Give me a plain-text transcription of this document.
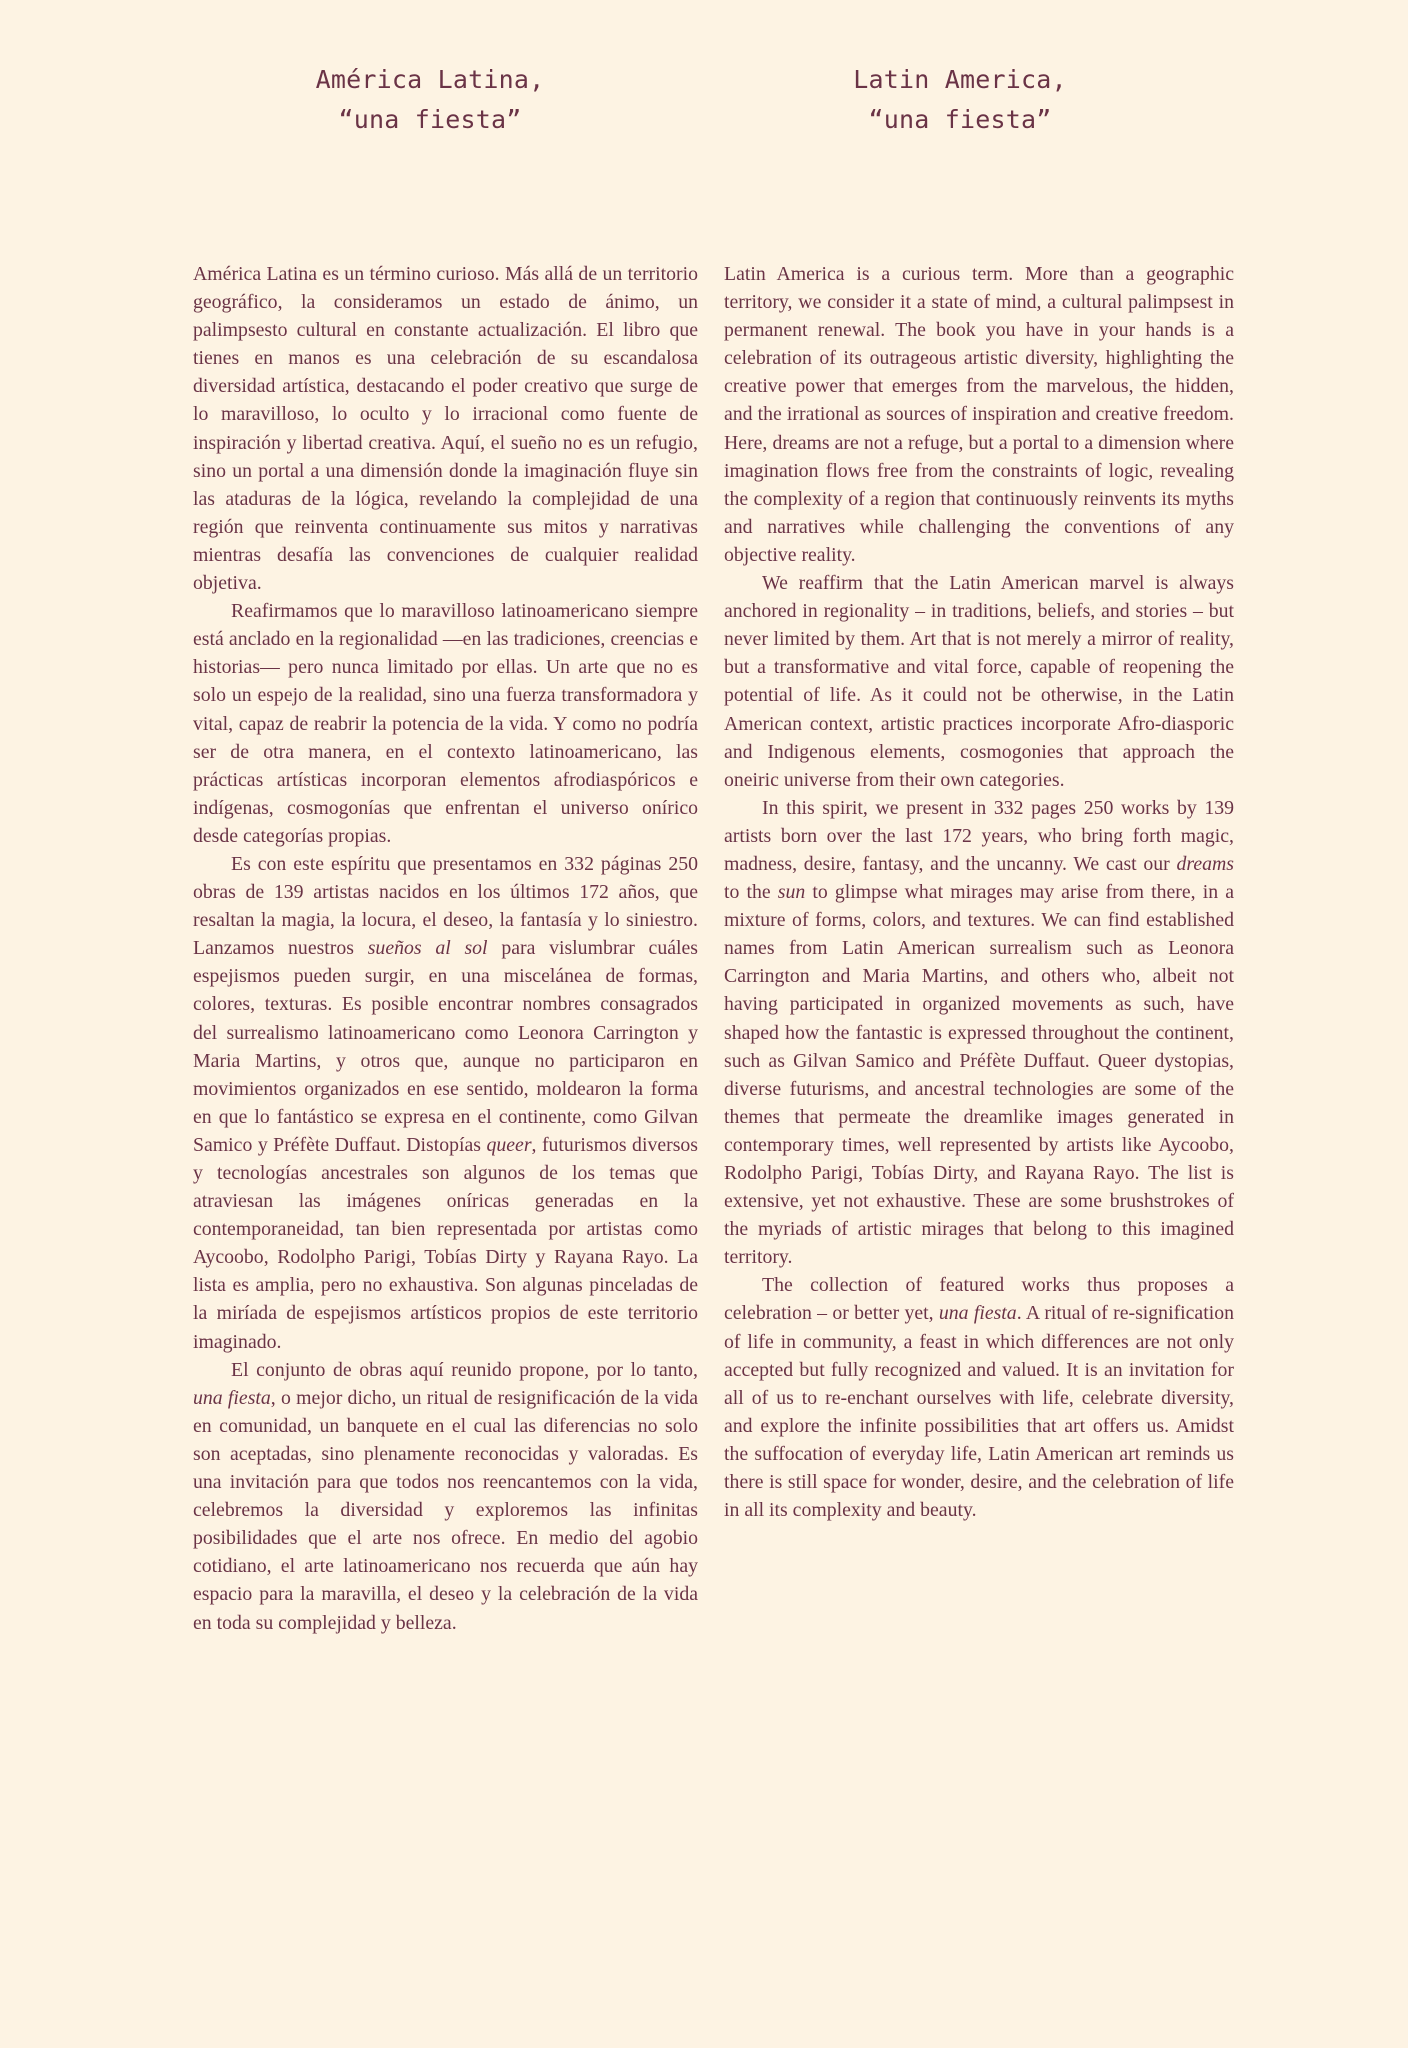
América Latina,
“una fiesta”
Latin America,
“una fiesta”

América Latina es un término curioso. Más allá de un territorio geográfico, la consideramos un estado de ánimo, un palimpsesto cultural en constante actualización. El libro que tienes en manos es una celebración de su escandalosa diversidad artística, destacando el poder creativo que surge de lo maravilloso, lo oculto y lo irracional como fuente de inspiración y libertad creativa. Aquí, el sueño no es un refugio, sino un portal a una dimensión donde la imaginación fluye sin las ataduras de la lógica, revelando la complejidad de una región que reinventa continuamente sus mitos y narrativas mientras desafía las convenciones de cualquier realidad objetiva.

Reafirmamos que lo maravilloso latinoamericano siempre está anclado en la regionalidad —en las tradiciones, creencias e historias— pero nunca limitado por ellas. Un arte que no es solo un espejo de la realidad, sino una fuerza transformadora y vital, capaz de reabrir la potencia de la vida. Y como no podría ser de otra manera, en el contexto latinoamericano, las prácticas artísticas incorporan elementos afrodiaspóricos e indígenas, cosmogonías que enfrentan el universo onírico desde categorías propias.

Es con este espíritu que presentamos en 332 páginas 250 obras de 139 artistas nacidos en los últimos 172 años, que resaltan la magia, la locura, el deseo, la fantasía y lo siniestro. Lanzamos nuestros sueños al sol para vislumbrar cuáles espejismos pueden surgir, en una miscelánea de formas, colores, texturas. Es posible encontrar nombres consagrados del surrealismo latinoamericano como Leonora Carrington y Maria Martins, y otros que, aunque no participaron en movimientos organizados en ese sentido, moldearon la forma en que lo fantástico se expresa en el continente, como Gilvan Samico y Préfète Duffaut. Distopías queer, futurismos diversos y tecnologías ancestrales son algunos de los temas que atraviesan las imágenes oníricas generadas en la contemporaneidad, tan bien representada por artistas como Aycoobo, Rodolpho Parigi, Tobías Dirty y Rayana Rayo. La lista es amplia, pero no exhaustiva. Son algunas pinceladas de la miríada de espejismos artísticos propios de este territorio imaginado.

El conjunto de obras aquí reunido propone, por lo tanto, una fiesta, o mejor dicho, un ritual de resignificación de la vida en comunidad, un banquete en el cual las diferencias no solo son aceptadas, sino plenamente reconocidas y valoradas. Es una invitación para que todos nos reencantemos con la vida, celebremos la diversidad y exploremos las infinitas posibilidades que el arte nos ofrece. En medio del agobio cotidiano, el arte latinoamericano nos recuerda que aún hay espacio para la maravilla, el deseo y la celebración de la vida en toda su complejidad y belleza.

Latin America is a curious term. More than a geographic territory, we consider it a state of mind, a cultural palimpsest in permanent renewal. The book you have in your hands is a celebration of its outrageous artistic diversity, highlighting the creative power that emerges from the marvelous, the hidden, and the irrational as sources of inspiration and creative freedom. Here, dreams are not a refuge, but a portal to a dimension where imagination flows free from the constraints of logic, revealing the complexity of a region that continuously reinvents its myths and narratives while challenging the conventions of any objective reality.

We reaffirm that the Latin American marvel is always anchored in regionality – in traditions, beliefs, and stories – but never limited by them. Art that is not merely a mirror of reality, but a transformative and vital force, capable of reopening the potential of life. As it could not be otherwise, in the Latin American context, artistic practices incorporate Afro-diasporic and Indigenous elements, cosmogonies that approach the oneiric universe from their own categories.

In this spirit, we present in 332 pages 250 works by 139 artists born over the last 172 years, who bring forth magic, madness, desire, fantasy, and the uncanny. We cast our dreams to the sun to glimpse what mirages may arise from there, in a mixture of forms, colors, and textures. We can find established names from Latin American surrealism such as Leonora Carrington and Maria Martins, and others who, albeit not having participated in organized movements as such, have shaped how the fantastic is expressed throughout the continent, such as Gilvan Samico and Préfète Duffaut. Queer dystopias, diverse futurisms, and ancestral technologies are some of the themes that permeate the dreamlike images generated in contemporary times, well represented by artists like Aycoobo, Rodolpho Parigi, Tobías Dirty, and Rayana Rayo. The list is extensive, yet not exhaustive. These are some brushstrokes of the myriads of artistic mirages that belong to this imagined territory.

The collection of featured works thus proposes a celebration – or better yet, una fiesta. A ritual of re-signification of life in community, a feast in which differences are not only accepted but fully recognized and valued. It is an invitation for all of us to re-enchant ourselves with life, celebrate diversity, and explore the infinite possibilities that art offers us. Amidst the suffocation of everyday life, Latin American art reminds us there is still space for wonder, desire, and the celebration of life in all its complexity and beauty.
